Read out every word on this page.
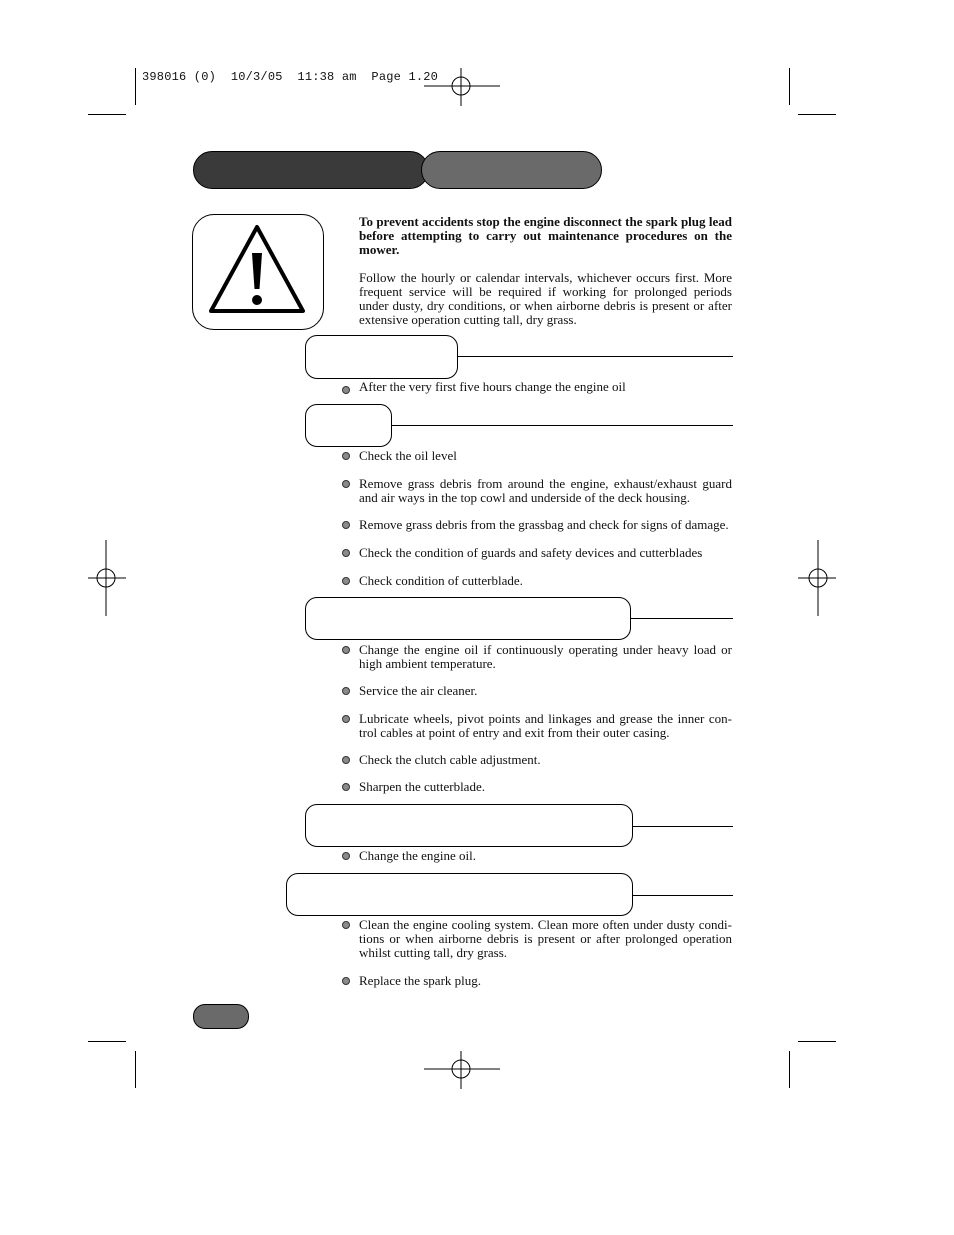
398016 (0)  10/3/05  11:38 am  Page 1.20

To prevent accidents stop the engine disconnect the spark plug lead before attempting to carry out maintenance procedures on the mower.

Follow the hourly or calendar intervals, whichever occurs first. More frequent service will be required if working for prolonged periods under dusty, dry conditions, or when airborne debris is present or after extensive operation cutting tall, dry grass.

After the very first five hours change the engine oil
Check the oil level
Remove grass debris from around the engine, exhaust/exhaust guard and air ways in the top cowl and underside of the deck housing.
Remove grass debris from the grassbag and check for signs of damage.
Check the condition of guards and safety devices and cutterblades
Check condition of cutterblade.
Change the engine oil if continuously operating under heavy load or high ambient temperature.
Service the air cleaner.
Lubricate wheels, pivot points and linkages and grease the inner con-trol cables at point of entry and exit from their outer casing.
Check the clutch cable adjustment.
Sharpen the cutterblade.
Change the engine oil.
Clean the engine cooling system. Clean more often under dusty condi-tions or when airborne debris is present or after prolonged operation whilst cutting tall, dry grass.
Replace the spark plug.
